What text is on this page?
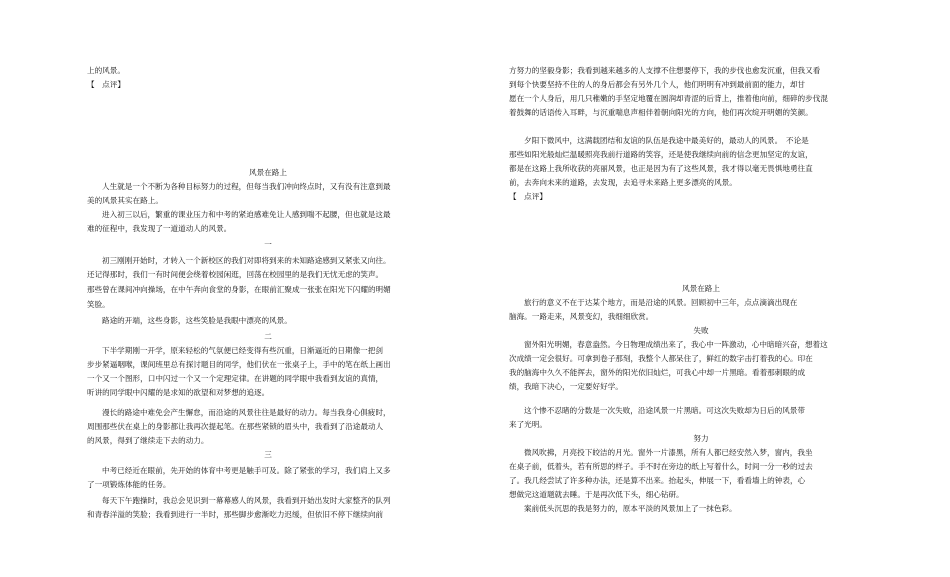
上的风景。
【　点评】
风景在路上
人生就是一个不断为各种目标努力的过程，但每当我们冲向终点时，又有没有注意到最
美的风景其实在路上。
进入初三以后，繁重的课业压力和中考的紧迫感难免让人感到喘不起腰，但也就是这最
难的征程中，我发现了一道道动人的风景。
一
初三刚刚开始时，才转入一个新校区的我们对即将到来的未知路途感到又紧张又向往。
还记得那时，我们一有时间便会绕着校园闲逛，回荡在校园里的是我们无忧无虑的笑声。
那些曾在课间冲向操场，在中午奔向食堂的身影，在眼前汇聚成一张张在阳光下闪耀的明媚
笑脸。
路途的开端，这些身影，这些笑脸是我眼中漂亮的风景。
二
下半学期刚一开学，原来轻松的气氛便已经变得有些沉重，日渐逼近的日期像一把剑
步步紧逼咽喉，课间班里总有探讨题目的同学，他们伏在一张桌子上，手中的笔在纸上画出
一个又一个图形，口中闪过一个又一个定理定律。在讲题的同学眼中我看到友谊的真情，
听讲的同学眼中闪耀的是求知的欲望和对梦想的追逐。
漫长的路途中难免会产生懈怠，而沿途的风景往往是最好的动力。每当我身心俱疲时，
周围那些伏在桌上的身影都让我再次提起笔。在那些紧锁的眉头中，我看到了沿途最动人
的风景，得到了继续走下去的动力。
三
中考已经近在眼前，先开始的体育中考更是触手可及。除了紧张的学习，我们肩上又多
了一项锻炼体能的任务。
每天下午跑操时，我总会见识到一幕幕感人的风景，我看到开始出发时大家整齐的队列
和青春洋溢的笑脸；我看到进行一半时，那些脚步愈渐吃力迟缓，但依旧不停下继续向前
方努力的坚毅身影；我看到越来越多的人支撑不住想要停下，我的步伐也愈发沉重，但我又看
到每个快要坚持不住的人的身后都会有另外几个人，他们明明有冲到最前面的能力，却甘
愿在一个人身后，用几只稚嫩的手坚定地覆在圆润却青涩的后背上，推着他向前，细碎的步伐混
着鼓舞的话语传入耳畔，与沉重喘息声相伴着朝向阳光的方向，他们再次绽开明媚的笑颜。
夕阳下微风中，这满载团结和友谊的队伍是我途中最美好的，最动人的风景。　不论是
那些如阳光般灿烂温暖照亮我前行道路的笑容，还是使我继续向前的信念更加坚定的友谊，
都是在这路上我所收获的亮丽风景，也正是因为有了这些风景，我才得以毫无畏惧地勇往直
前，去奔向未来的道路，去发现，去追寻未来路上更多漂亮的风景。
【　点评】
风景在路上
旅行的意义不在于达某个地方，而是沿途的风景。回顾初中三年，点点滴滴出现在
脑海。一路走来，风景变幻，我细细欣赏。
失败
窗外阳光明媚，春意盎然。今日物理成绩出来了，我心中一阵激动，心中暗暗兴奋，想着这
次成绩一定会很好。可拿到卷子那刻，我整个人都呆住了，鲜红的数字击打着我的心。印在
我的脑海中久久不能挥去，窗外的阳光依旧灿烂，可我心中却一片黑暗。看着那刺眼的成
绩，我暗下决心，一定要好好学。
这个惨不忍睹的分数是一次失败，沿途风景一片黑暗。可这次失败却为日后的风景带
来了光明。
努力
微风吹拂，月亮投下皎洁的月光。窗外一片漆黑，所有人都已经安然入梦，窗内，我坐
在桌子前，低着头，若有所思的样子。手不时在旁边的纸上写着什么，时间一分一秒的过去
了。我几经尝试了许多种办法，还是算不出来。抬起头，伸展一下，看看墙上的钟表，心
想做完这道题就去睡。于是再次低下头，细心钻研。
案前低头沉思的我是努力的，原本平淡的风景加上了一抹色彩。
